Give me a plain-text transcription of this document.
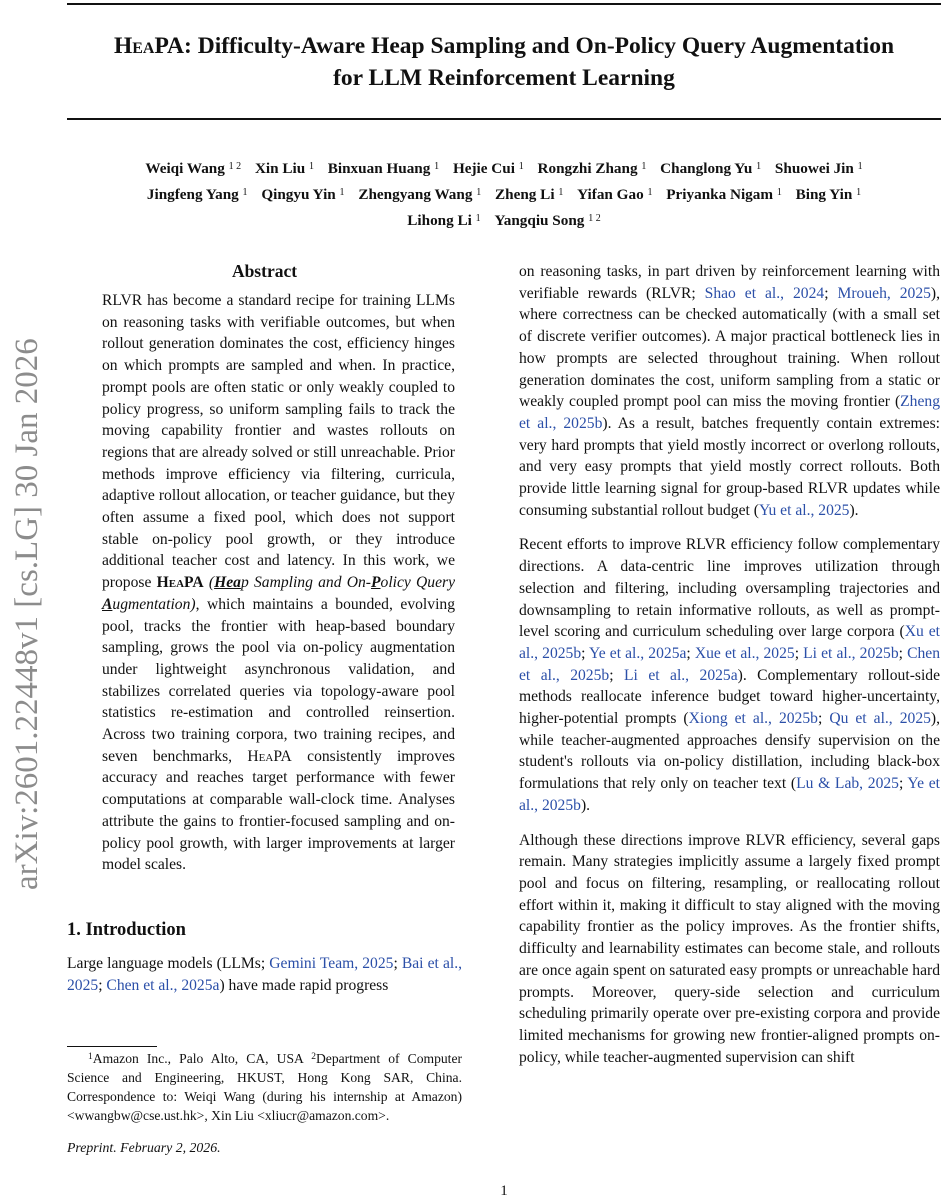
HeaPA: Difficulty-Aware Heap Sampling and On-Policy Query Augmentation
for LLM Reinforcement Learning
Weiqi Wang $^{1 2}$ Xin Liu $^1$ Binxuan Huang $^1$ Hejie Cui $^1$ Rongzhi Zhang $^1$ Changlong Yu $^1$ Shuowei Jin $^1$
Jingfeng Yang $^1$ Qingyu Yin $^1$ Zhengyang Wang $^1$ Zheng Li $^1$ Yifan Gao $^1$ Priyanka Nigam $^1$ Bing Yin $^1$
Lihong Li $^1$ Yangqiu Song $^{1 2}$
arXiv:2601.22448v1 [cs.LG] 30 Jan 2026
Abstract
RLVR has become a standard recipe for training LLMs on reasoning tasks with verifiable outcomes, but when rollout generation dominates the cost, efficiency hinges on which prompts are sampled and when. In practice, prompt pools are often static or only weakly coupled to policy progress, so uniform sampling fails to track the moving capability frontier and wastes rollouts on regions that are already solved or still unreachable. Prior methods improve efficiency via filtering, curricula, adaptive rollout allocation, or teacher guidance, but they often assume a fixed pool, which does not support stable on-policy pool growth, or they introduce additional teacher cost and latency. In this work, we propose HeaPA (Heap Sampling and On-Policy Query Augmentation), which maintains a bounded, evolving pool, tracks the frontier with heap-based boundary sampling, grows the pool via on-policy augmentation under lightweight asynchronous validation, and stabilizes correlated queries via topology-aware pool statistics re-estimation and controlled reinsertion. Across two training corpora, two training recipes, and seven benchmarks, HeaPA consistently improves accuracy and reaches target performance with fewer computations at comparable wall-clock time. Analyses attribute the gains to frontier-focused sampling and on-policy pool growth, with larger improvements at larger model scales.
1. Introduction
Large language models (LLMs; Gemini Team, 2025; Bai et al., 2025; Chen et al., 2025a) have made rapid progress
$^1$Amazon Inc., Palo Alto, CA, USA $^2$Department of Computer Science and Engineering, HKUST, Hong Kong SAR, China. Correspondence to: Weiqi Wang (during his internship at Amazon) <wwangbw@cse.ust.hk>, Xin Liu <xliucr@amazon.com>.
Preprint. February 2, 2026.

on reasoning tasks, in part driven by reinforcement learning with verifiable rewards (RLVR; Shao et al., 2024; Mroueh, 2025), where correctness can be checked automatically (with a small set of discrete verifier outcomes). A major practical bottleneck lies in how prompts are selected throughout training. When rollout generation dominates the cost, uniform sampling from a static or weakly coupled prompt pool can miss the moving frontier (Zheng et al., 2025b). As a result, batches frequently contain extremes: very hard prompts that yield mostly incorrect or overlong rollouts, and very easy prompts that yield mostly correct rollouts. Both provide little learning signal for group-based RLVR updates while consuming substantial rollout budget (Yu et al., 2025).

Recent efforts to improve RLVR efficiency follow complementary directions. A data-centric line improves utilization through selection and filtering, including oversampling trajectories and downsampling to retain informative rollouts, as well as prompt-level scoring and curriculum scheduling over large corpora (Xu et al., 2025b; Ye et al., 2025a; Xue et al., 2025; Li et al., 2025b; Chen et al., 2025b; Li et al., 2025a). Complementary rollout-side methods reallocate inference budget toward higher-uncertainty, higher-potential prompts (Xiong et al., 2025b; Qu et al., 2025), while teacher-augmented approaches densify supervision on the student's rollouts via on-policy distillation, including black-box formulations that rely only on teacher text (Lu & Lab, 2025; Ye et al., 2025b).

Although these directions improve RLVR efficiency, several gaps remain. Many strategies implicitly assume a largely fixed prompt pool and focus on filtering, resampling, or reallocating rollout effort within it, making it difficult to stay aligned with the moving capability frontier as the policy improves. As the frontier shifts, difficulty and learnability estimates can become stale, and rollouts are once again spent on saturated easy prompts or unreachable hard prompts. Moreover, query-side selection and curriculum scheduling primarily operate over pre-existing corpora and provide limited mechanisms for growing new frontier-aligned prompts on-policy, while teacher-augmented supervision can shift

1
